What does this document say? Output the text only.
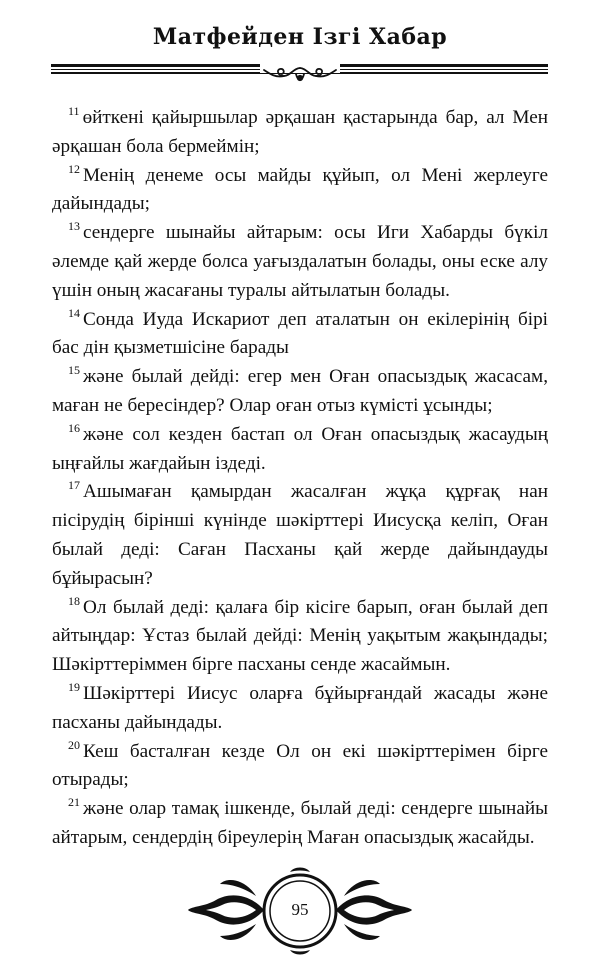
Матфейден Ізгі Хабар

$^{11}$ өйткені қайыршылар әрқашан қастарында бар, ал Мен әрқашан бола бермеймін;

$^{12}$ Менің денеме осы майды құйып, ол Мені жерлеуге дайындады;

$^{13}$ сендерге шынайы айтарым: осы Иги Хабарды бүкіл әлемде қай жерде болса уағыздалатын болады, оны еске алу үшін оның жасағаны туралы айтылатын болады.

$^{14}$ Сонда Иуда Искариот деп аталатын он екілерінің бірі бас дін қызметшісіне барады

$^{15}$ және былай дейді: егер мен Оған опасыздық жасасам, маған не бересіндер? Олар оған отыз күмісті ұсынды;

$^{16}$ және сол кезден бастап ол Оған опасыздық жасаудың ыңғайлы жағдайын іздеді.

$^{17}$ Ашымаған қамырдан жасалған жұқа құрғақ нан пісірудің бірінші күнінде шәкірттері Иисусқа келіп, Оған былай деді: Саған Пасханы қай жерде дайындауды бұйырасын?

$^{18}$ Ол былай деді: қалаға бір кісіге барып, оған былай деп айтыңдар: Ұстаз былай дейді: Менің уақытым жақындады; Шәкірттеріммен бірге пасханы сенде жасаймын.

$^{19}$ Шәкірттері Иисус оларға бұйырғандай жасады және пасханы дайындады.

$^{20}$ Кеш басталған кезде Ол он екі шәкірттерімен бірге отырады;

$^{21}$ және олар тамақ ішкенде, былай деді: сендерге шынайы айтарым, сендердің біреулерің Маған опасыздық жасайды.

95
